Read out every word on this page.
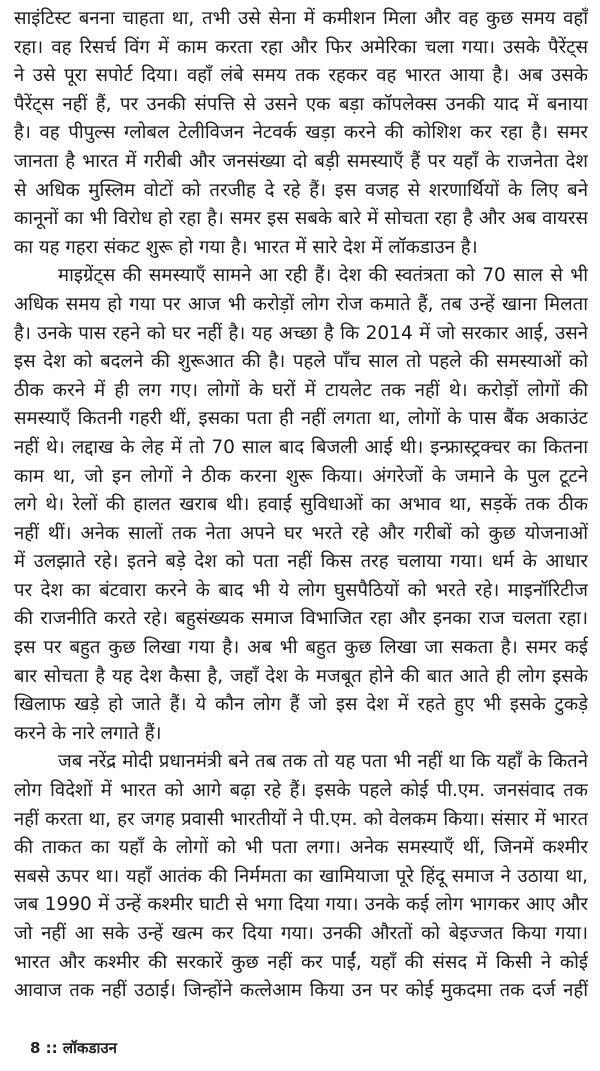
साइंटिस्ट बनना चाहता था, तभी उसे सेना में कमीशन मिला और वह कुछ समय वहाँ
रहा। वह रिसर्च विंग में काम करता रहा और फिर अमेरिका चला गया। उसके पैरेंट्स
ने उसे पूरा सपोर्ट दिया। वहाँ लंबे समय तक रहकर वह भारत आया है। अब उसके
पैरेंट्स नहीं हैं, पर उनकी संपत्ति से उसने एक बड़ा कॉपलेक्स उनकी याद में बनाया
है। वह पीपुल्स ग्लोबल टेलीविजन नेटवर्क खड़ा करने की कोशिश कर रहा है। समर
जानता है भारत में गरीबी और जनसंख्या दो बड़ी समस्याएँ हैं पर यहाँ के राजनेता देश
से अधिक मुस्लिम वोटों को तरजीह दे रहे हैं। इस वजह से शरणार्थियों के लिए बने
कानूनों का भी विरोध हो रहा है। समर इस सबके बारे में सोचता रहा है और अब वायरस
का यह गहरा संकट शुरू हो गया है। भारत में सारे देश में लॉकडाउन है।
माइग्रेंट्स की समस्याएँ सामने आ रही हैं। देश की स्वतंत्रता को 70 साल से भी
अधिक समय हो गया पर आज भी करोड़ों लोग रोज कमाते हैं, तब उन्हें खाना मिलता
है। उनके पास रहने को घर नहीं है। यह अच्छा है कि 2014 में जो सरकार आई, उसने
इस देश को बदलने की शुरूआत की है। पहले पाँच साल तो पहले की समस्याओं को
ठीक करने में ही लग गए। लोगों के घरों में टायलेट तक नहीं थे। करोड़ों लोगों की
समस्याएँ कितनी गहरी थीं, इसका पता ही नहीं लगता था, लोगों के पास बैंक अकाउंट
नहीं थे। लद्दाख के लेह में तो 70 साल बाद बिजली आई थी। इन्फ्रास्ट्रक्चर का कितना
काम था, जो इन लोगों ने ठीक करना शुरू किया। अंगरेजों के जमाने के पुल टूटने
लगे थे। रेलों की हालत खराब थी। हवाई सुविधाओं का अभाव था, सड़कें तक ठीक
नहीं थीं। अनेक सालों तक नेता अपने घर भरते रहे और गरीबों को कुछ योजनाओं
में उलझाते रहे। इतने बड़े देश को पता नहीं किस तरह चलाया गया। धर्म के आधार
पर देश का बंटवारा करने के बाद भी ये लोग घुसपैठियों को भरते रहे। माइनॉरिटीज
की राजनीति करते रहे। बहुसंख्यक समाज विभाजित रहा और इनका राज चलता रहा।
इस पर बहुत कुछ लिखा गया है। अब भी बहुत कुछ लिखा जा सकता है। समर कई
बार सोचता है यह देश कैसा है, जहाँ देश के मजबूत होने की बात आते ही लोग इसके
खिलाफ खड़े हो जाते हैं। ये कौन लोग हैं जो इस देश में रहते हुए भी इसके टुकड़े
करने के नारे लगाते हैं।
जब नरेंद्र मोदी प्रधानमंत्री बने तब तक तो यह पता भी नहीं था कि यहाँ के कितने
लोग विदेशों में भारत को आगे बढ़ा रहे हैं। इसके पहले कोई पी.एम. जनसंवाद तक
नहीं करता था, हर जगह प्रवासी भारतीयों ने पी.एम. को वेलकम किया। संसार में भारत
की ताकत का यहाँ के लोगों को भी पता लगा। अनेक समस्याएँ थीं, जिनमें कश्मीर
सबसे ऊपर था। यहाँ आतंक की निर्ममता का खामियाजा पूरे हिंदू समाज ने उठाया था,
जब 1990 में उन्हें कश्मीर घाटी से भगा दिया गया। उनके कई लोग भागकर आए और
जो नहीं आ सके उन्हें खत्म कर दिया गया। उनकी औरतों को बेइज्जत किया गया।
भारत और कश्मीर की सरकारें कुछ नहीं कर पाईं, यहाँ की संसद में किसी ने कोई
आवाज तक नहीं उठाई। जिन्होंने कत्लेआम किया उन पर कोई मुकदमा तक दर्ज नहीं
8 :: लॉकडाउन
